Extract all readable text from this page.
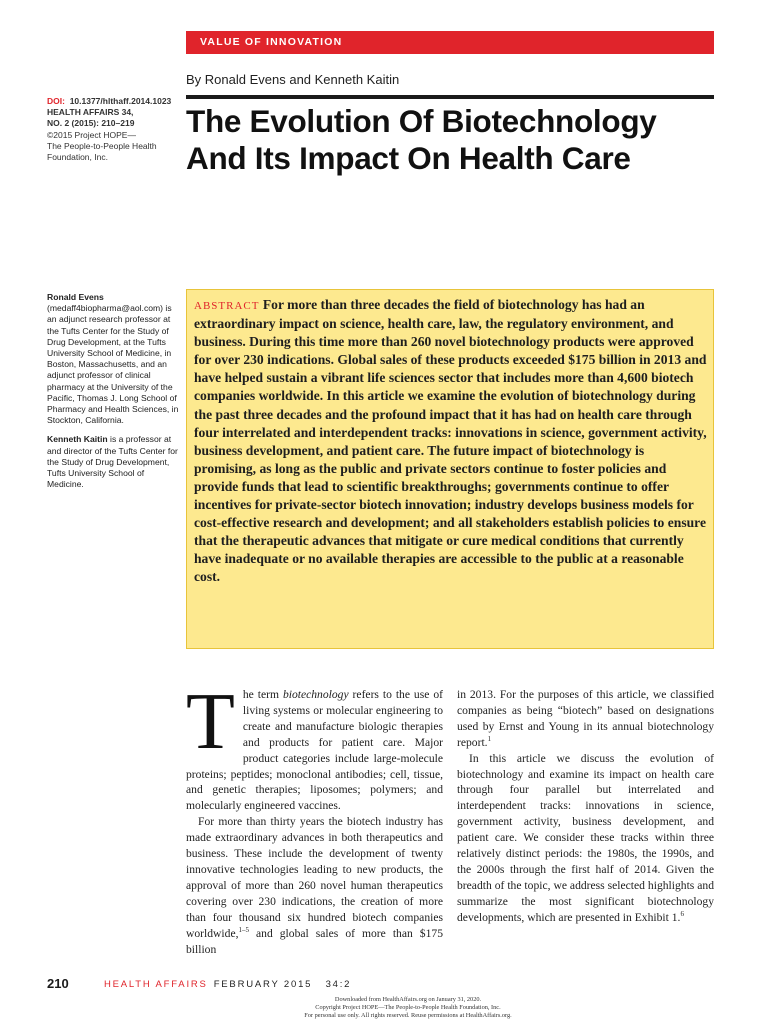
VALUE OF INNOVATION
By Ronald Evens and Kenneth Kaitin
The Evolution Of Biotechnology
And Its Impact On Health Care
DOI: 10.1377/hlthaff.2014.1023
HEALTH AFFAIRS 34,
NO. 2 (2015): 210–219
©2015 Project HOPE—
The People-to-People Health
Foundation, Inc.

Ronald Evens
(medaff4biopharma@aol.com) is an adjunct research professor at the Tufts Center for the Study of Drug Development, at the Tufts University School of Medicine, in Boston, Massachusetts, and an adjunct professor of clinical pharmacy at the University of the Pacific, Thomas J. Long School of Pharmacy and Health Sciences, in Stockton, California.

Kenneth Kaitin is a professor at and director of the Tufts Center for the Study of Drug Development, Tufts University School of Medicine.

ABSTRACT For more than three decades the field of biotechnology has had an extraordinary impact on science, health care, law, the regulatory environment, and business. During this time more than 260 novel biotechnology products were approved for over 230 indications. Global sales of these products exceeded $175 billion in 2013 and have helped sustain a vibrant life sciences sector that includes more than 4,600 biotech companies worldwide. In this article we examine the evolution of biotechnology during the past three decades and the profound impact that it has had on health care through four interrelated and interdependent tracks: innovations in science, government activity, business development, and patient care. The future impact of biotechnology is promising, as long as the public and private sectors continue to foster policies and provide funds that lead to scientific breakthroughs; governments continue to offer incentives for private-sector biotech innovation; industry develops business models for cost-effective research and development; and all stakeholders establish policies to ensure that the therapeutic advances that mitigate or cure medical conditions that currently have inadequate or no available therapies are accessible to the public at a reasonable cost.

The term biotechnology refers to the use of living systems or molecular engineering to create and manufacture biologic therapies and products for patient care. Major product categories include large-molecule proteins; peptides; monoclonal antibodies; cell, tissue, and genetic therapies; liposomes; polymers; and molecularly engineered vaccines.

For more than thirty years the biotech industry has made extraordinary advances in both therapeutics and business. These include the development of twenty innovative technologies leading to new products, the approval of more than 260 novel human therapeutics covering over 230 indications, the creation of more than four thousand six hundred biotech companies worldwide,$^{1-5}$ and global sales of more than $175 billion

in 2013. For the purposes of this article, we classified companies as being “biotech” based on designations used by Ernst and Young in its annual biotechnology report.$^1$

In this article we discuss the evolution of biotechnology and examine its impact on health care through four parallel but interrelated and interdependent tracks: innovations in science, government activity, business development, and patient care. We consider these tracks within three relatively distinct periods: the 1980s, the 1990s, and the 2000s through the first half of 2014. Given the breadth of the topic, we address selected highlights and summarize the most significant biotechnology developments, which are presented in Exhibit 1.$^6$

210	HEALTH AFFAIRS FEBRUARY 2015   34:2
Downloaded from HealthAffairs.org on January 31, 2020.
Copyright Project HOPE—The People-to-People Health Foundation, Inc.
For personal use only. All rights reserved. Reuse permissions at HealthAffairs.org.
